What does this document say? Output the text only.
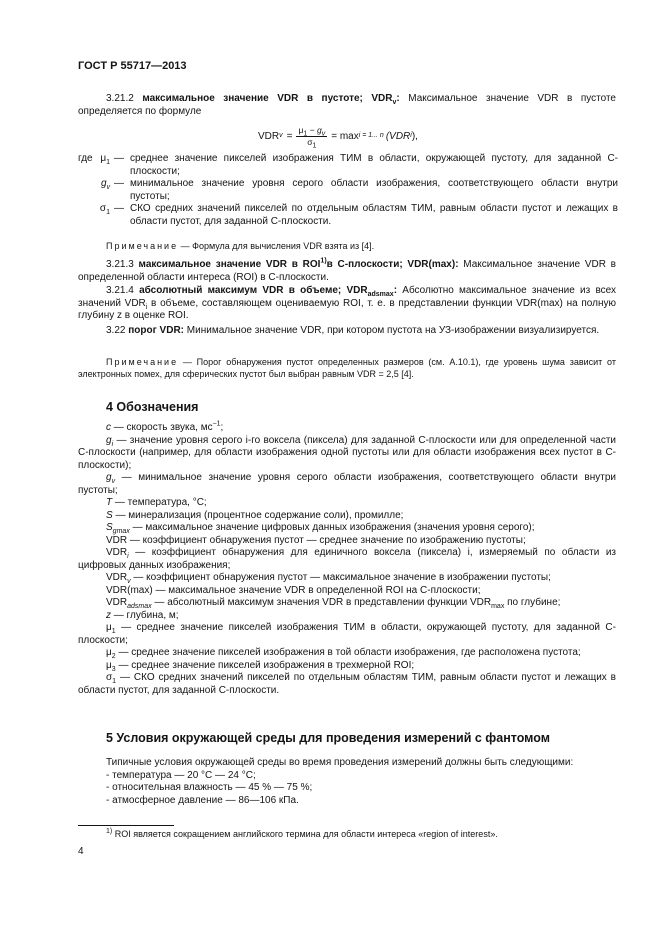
ГОСТ Р 55717—2013
3.21.2 максимальное значение VDR в пустоте; $VDR_v$: Максимальное значение VDR в пустоте определяется по формуле
VDR $v = \frac{\mu_1 - g_v}{\sigma_1} = \max i = 1$... n (VDR i ),
где $\mu_1$ — среднее значение пикселей изображения ТИМ в области, окружающей пустоту, для заданной C-плоскости;
$g_v$ — минимальное значение уровня серого области изображения, соответствующего области внутри пустоты;
$\sigma_1$ — СКО средних значений пикселей по отдельным областям ТИМ, равным области пустот и лежащих в области пустот, для заданной C-плоскости.
Примечание — Формула для вычисления VDR взята из [4].
3.21.3 максимальное значение VDR в ROI$^{1)}$в C-плоскости; VDR(max): Максимальное значение VDR в определенной области интереса (ROI) в C-плоскости.
3.21.4 абсолютный максимум VDR в объеме; $VDR_{adsmax}$: Абсолютно максимальное значение из всех значений $VDR_i$ в объеме, составляющем оцениваемую ROI, т. е. в представлении функции VDR(max) на полную глубину z в оценке ROI.
3.22 порог VDR: Минимальное значение VDR, при котором пустота на УЗ-изображении визуализируется.
Примечание — Порог обнаружения пустот определенных размеров (см. А.10.1), где уровень шума зависит от электронных помех, для сферических пустот был выбран равным VDR = 2,5 [4].
4 Обозначения
c — скорость звука, $мс^{-1}$;
$g_i$ — значение уровня серого i-го воксела (пиксела) для заданной C-плоскости или для определенной части C-плоскости (например, для области изображения одной пустоты или для области изображения всех пустот в C-плоскости);
$g_v$ — минимальное значение уровня серого области изображения, соответствующего области внутри пустоты;
T — температура, °C;
S — минерализация (процентное содержание соли), промилле;
$S_{gmax}$ — максимальное значение цифровых данных изображения (значения уровня серого);
VDR — коэффициент обнаружения пустот — среднее значение по изображению пустоты;
$VDR_i$ — коэффициент обнаружения для единичного воксела (пиксела) i, измеряемый по области из цифровых данных изображения;
$VDR_v$ — коэффициент обнаружения пустот — максимальное значение в изображении пустоты;
VDR(max) — максимальное значение VDR в определенной ROI на C-плоскости;
$VDR_{adsmax}$ — абсолютный максимум значения VDR в представлении функции $VDR_{max}$ по глубине;
z — глубина, м;
$\mu_1$ — среднее значение пикселей изображения ТИМ в области, окружающей пустоту, для заданной C-плоскости;
$\mu_2$ — среднее значение пикселей изображения в той области изображения, где расположена пустота;
$\mu_3$ — среднее значение пикселей изображения в трехмерной ROI;
$\sigma_1$ — СКО средних значений пикселей по отдельным областям ТИМ, равным области пустот и лежащих в области пустот, для заданной C-плоскости.
5 Условия окружающей среды для проведения измерений с фантомом
Типичные условия окружающей среды во время проведения измерений должны быть следующими:
- температура — 20 °C — 24 °C;
- относительная влажность — 45 % — 75 %;
- атмосферное давление — 86—106 кПа.
$^{1)}$ ROI является сокращением английского термина для области интереса «region of interest».
4
